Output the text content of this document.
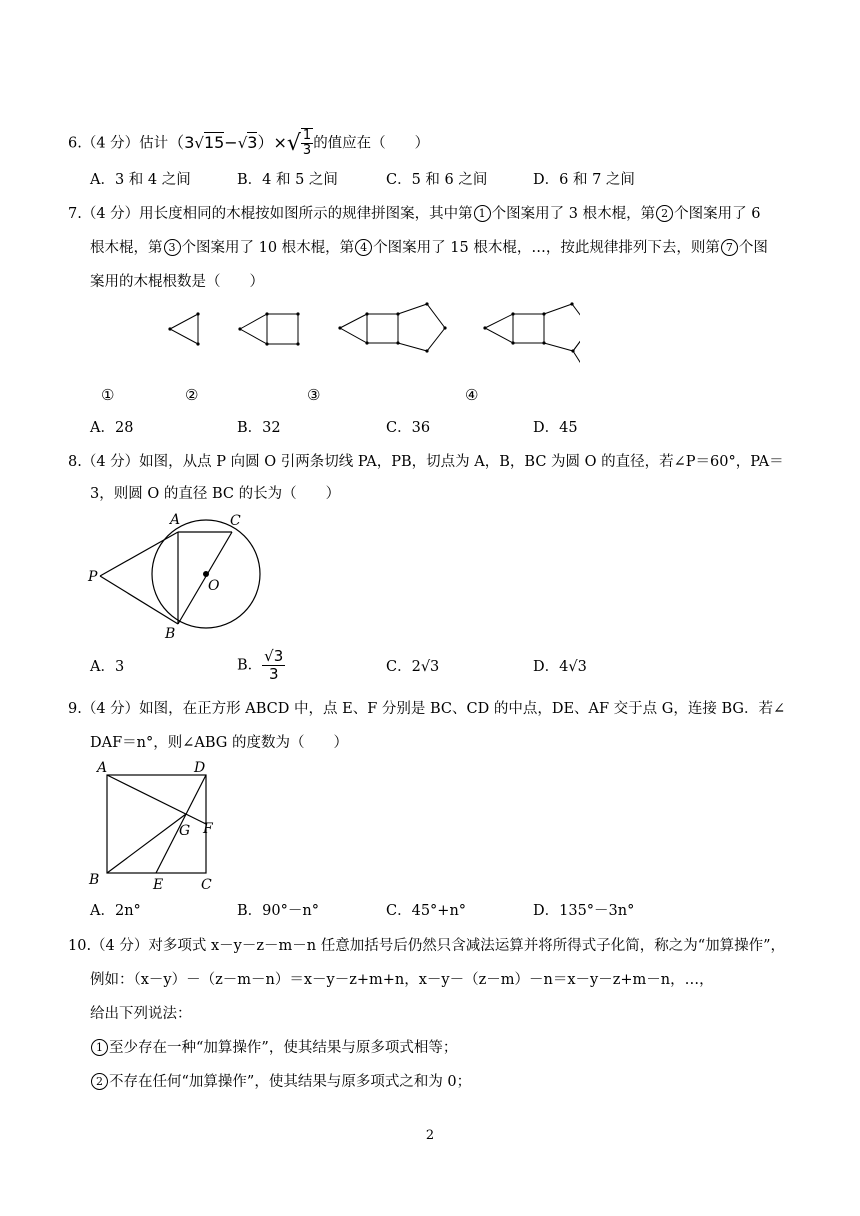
6.（4 分）估计$(3√15-√3)\times√ \frac{1}{3}$ 的值应在（　　）
A．3 和 4 之间	B．4 和 5 之间	C．5 和 6 之间	D．6 和 7 之间
7.（4 分）用长度相同的木棍按如图所示的规律拼图案，其中第 1 个图案用了 3 根木棍，第 2 个图案用了 6
根木棍，第 3 个图案用了 10 根木棍，第 4 个图案用了 15 根木棍，…，按此规律排列下去，则第 7 个图
案用的木棍根数是（　　）
①	②	③	④
A．28	B．32	C．36	D．45
8.（4 分）如图，从点 P 向圆 O 引两条切线 PA，PB，切点为 A，B，BC 为圆 O 的直径，若∠P＝60°，PA＝
3，则圆 O 的直径 BC 的长为（　　）
A	C
P
O
B
A．3	B． $\frac{√3}{3}$	C．2√3	D．4√3
9.（4 分）如图，在正方形 ABCD 中，点 E、F 分别是 BC、CD 的中点，DE、AF 交于点 G，连接 BG．若∠
DAF＝n°，则∠ABG 的度数为（　　）
A	D
G F
B	E	C
A．2n°	B．90°－n°	C．45°+n°	D．135°－3n°
10.（4 分）对多项式 x－y－z－m－n 任意加括号后仍然只含减法运算并将所得式子化简，称之为“加算操作”，
例如：（x－y）－（z－m－n）＝x－y－z+m+n，x－y－（z－m）－n＝x－y－z+m－n，…，
给出下列说法：
1 至少存在一种“加算操作”，使其结果与原多项式相等；
2 不存在任何“加算操作”，使其结果与原多项式之和为 0；
2
